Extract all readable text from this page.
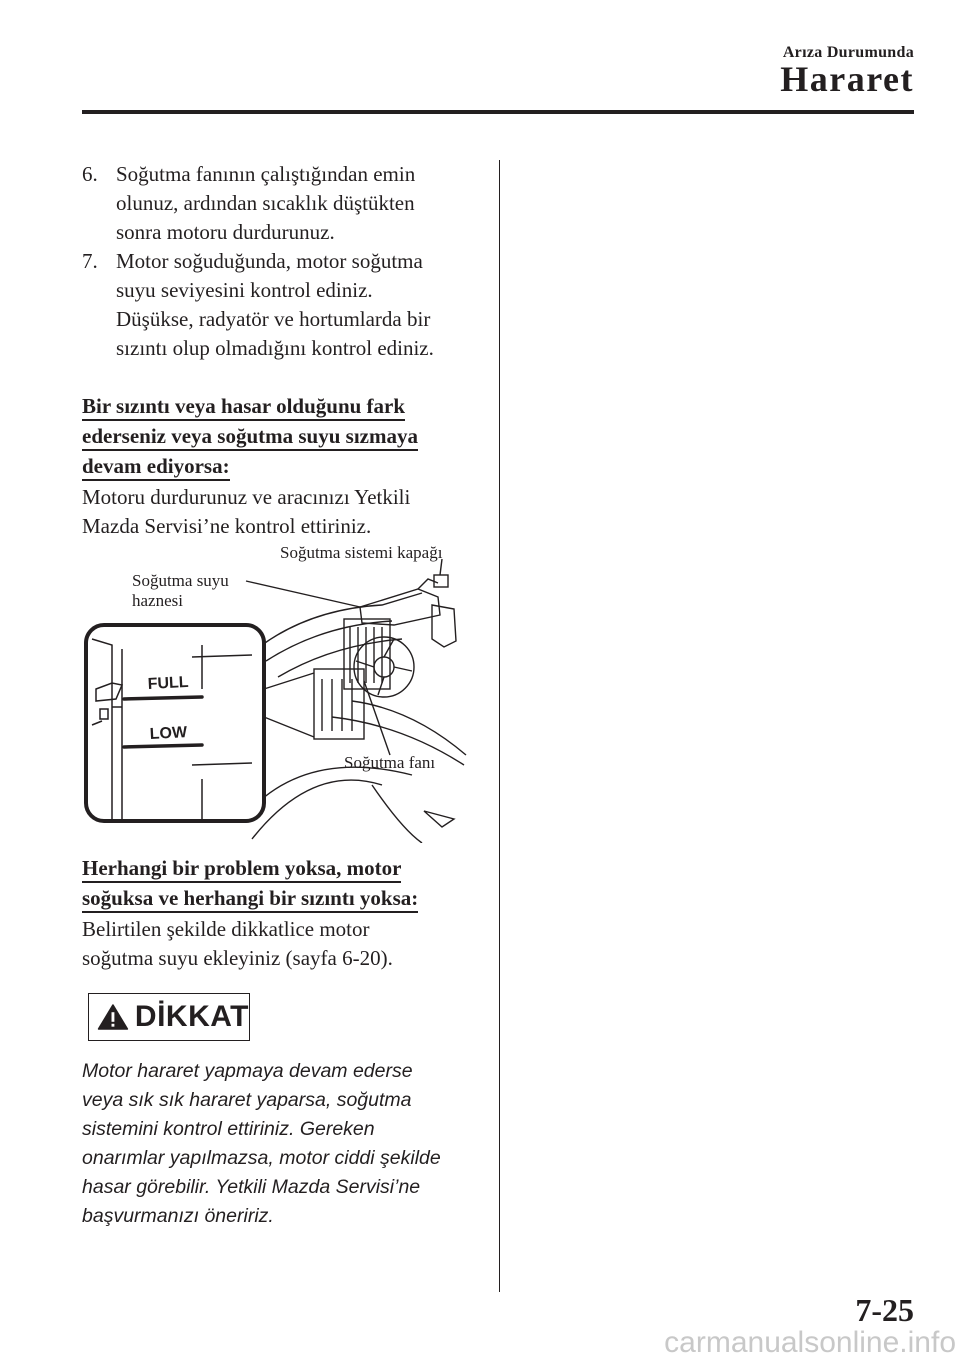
Arıza Durumunda
Hararet
6. Soğutma fanının çalıştığından emin
olunuz, ardından sıcaklık düştükten
sonra motoru durdurunuz.
7. Motor soğuduğunda, motor soğutma
suyu seviyesini kontrol ediniz.
Düşükse, radyatör ve hortumlarda bir
sızıntı olup olmadığını kontrol ediniz.
Bir sızıntı veya hasar olduğunu fark
ederseniz veya soğutma suyu sızmaya
devam ediyorsa:
Motoru durdurunuz ve aracınızı Yetkili
Mazda Servisi’ne kontrol ettiriniz.
FULL
LOW
Soğutma sistemi kapağı
Soğutma suyu
haznesi
Soğutma fanı
Herhangi bir problem yoksa, motor
soğuksa ve herhangi bir sızıntı yoksa:
Belirtilen şekilde dikkatlice motor
soğutma suyu ekleyiniz (sayfa 6-20).
DİKKAT
Motor hararet yapmaya devam ederse
veya sık sık hararet yaparsa, soğutma
sistemini kontrol ettiriniz. Gereken
onarımlar yapılmazsa, motor ciddi şekilde
hasar görebilir. Yetkili Mazda Servisi’ne
başvurmanızı öneririz.
7-25
carmanualsonline.info
